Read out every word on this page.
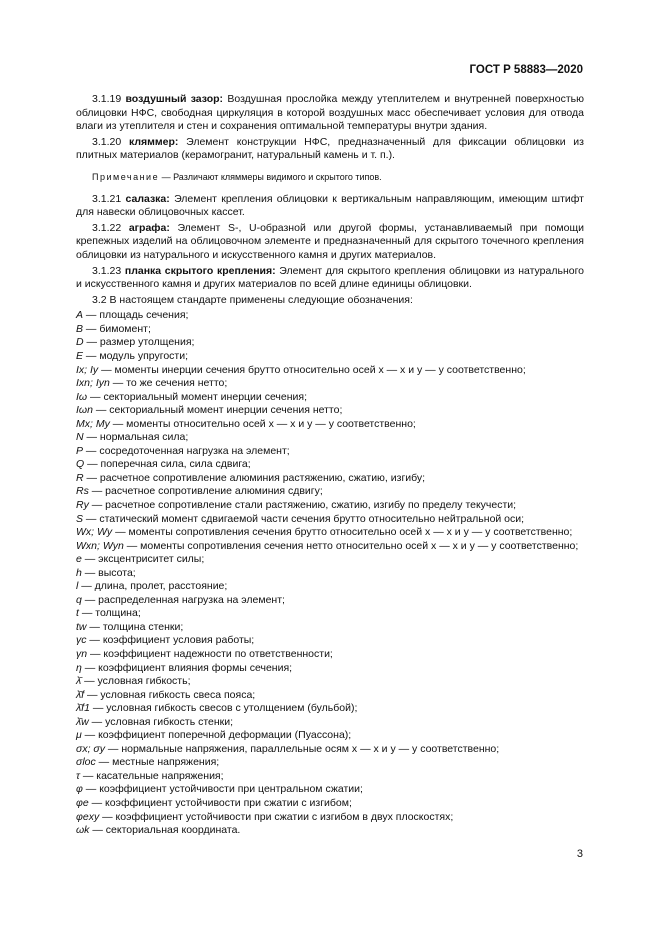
ГОСТ Р 58883—2020

3.1.19 воздушный зазор: Воздушная прослойка между утеплителем и внутренней поверхностью облицовки НФС, свободная циркуляция в которой воздушных масс обеспечивает условия для отвода влаги из утеплителя и стен и сохранения оптимальной температуры внутри здания.

3.1.20 кляммер: Элемент конструкции НФС, предназначенный для фиксации облицовки из плитных материалов (керамогранит, натуральный камень и т. п.).

Примечание — Различают кляммеры видимого и скрытого типов.

3.1.21 салазка: Элемент крепления облицовки к вертикальным направляющим, имеющим штифт для навески облицовочных кассет.

3.1.22 аграфа: Элемент S-, U-образной или другой формы, устанавливаемый при помощи крепежных изделий на облицовочном элементе и предназначенный для скрытого точечного крепления облицовки из натурального и искусственного камня и других материалов.

3.1.23 планка скрытого крепления: Элемент для скрытого крепления облицовки из натурального и искусственного камня и других материалов по всей длине единицы облицовки.

3.2 В настоящем стандарте применены следующие обозначения:

A — площадь сечения;
B — бимомент;
D — размер утолщения;
E — модуль упругости;
Ix; Iy — моменты инерции сечения брутто относительно осей x — x и y — y соответственно;
Ixn; Iyn — то же сечения нетто;
Iω — секториальный момент инерции сечения;
Iωn — секториальный момент инерции сечения нетто;
Mx; My — моменты относительно осей x — x и y — y соответственно;
N — нормальная сила;
P — сосредоточенная нагрузка на элемент;
Q — поперечная сила, сила сдвига;
R — расчетное сопротивление алюминия растяжению, сжатию, изгибу;
Rs — расчетное сопротивление алюминия сдвигу;
Ry — расчетное сопротивление стали растяжению, сжатию, изгибу по пределу текучести;
S — статический момент сдвигаемой части сечения брутто относительно нейтральной оси;
Wx; Wy — моменты сопротивления сечения брутто относительно осей x — x и y — y соответственно;
Wxn; Wyn — моменты сопротивления сечения нетто относительно осей x — x и y — y соответственно;
e — эксцентриситет силы;
h — высота;
l — длина, пролет, расстояние;
q — распределенная нагрузка на элемент;
t — толщина;
tw — толщина стенки;
γc — коэффициент условия работы;
γn — коэффициент надежности по ответственности;
η — коэффициент влияния формы сечения;
λ̄ — условная гибкость;
λ̄f — условная гибкость свеса пояса;
λ̄f1 — условная гибкость свесов с утолщением (бульбой);
λ̄w — условная гибкость стенки;
μ — коэффициент поперечной деформации (Пуассона);
σx; σy — нормальные напряжения, параллельные осям x — x и y — y соответственно;
σloc — местные напряжения;
τ — касательные напряжения;
φ — коэффициент устойчивости при центральном сжатии;
φe — коэффициент устойчивости при сжатии с изгибом;
φexy — коэффициент устойчивости при сжатии с изгибом в двух плоскостях;
ωk — секториальная координата.
3
